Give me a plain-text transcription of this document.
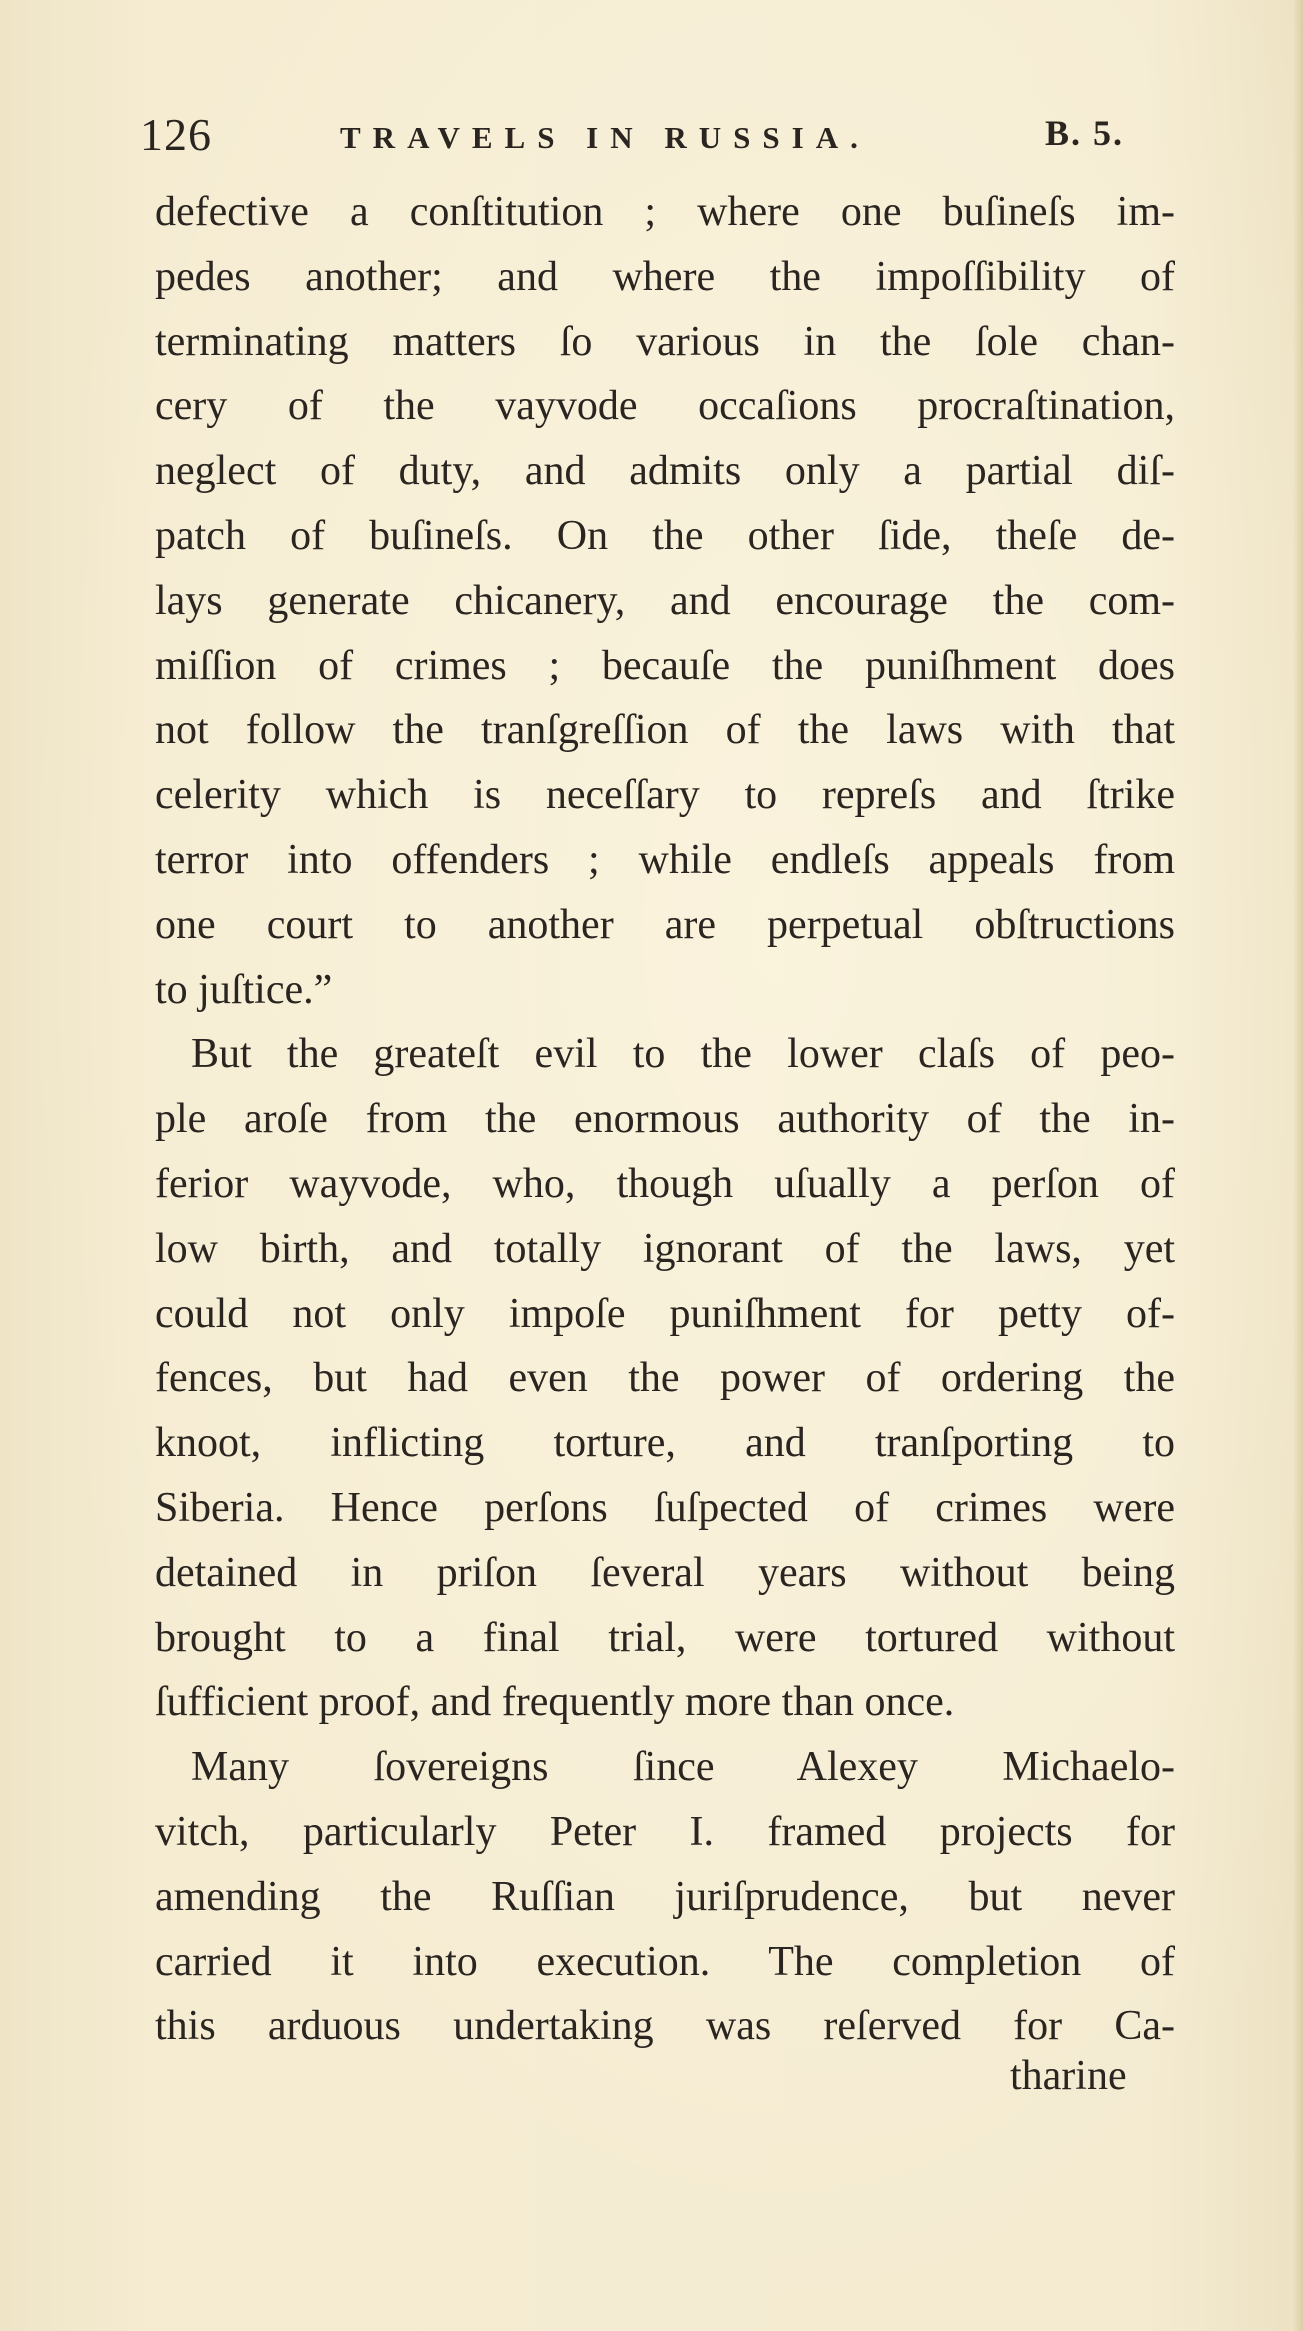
126	TRAVELS IN RUSSIA.	B. 5.
defective a conſtitution ; where one buſineſs im-
pedes another; and where the impoſſibility of
terminating matters ſo various in the ſole chan-
cery of the vayvode occaſions procraſtination,
neglect of duty, and admits only a partial diſ-
patch of buſineſs. On the other ſide, theſe de-
lays generate chicanery, and encourage the com-
miſſion of crimes ; becauſe the puniſhment does
not follow the tranſgreſſion of the laws with that
celerity which is neceſſary to repreſs and ſtrike
terror into offenders ; while endleſs appeals from
one court to another are perpetual obſtructions
to juſtice.”
But the greateſt evil to the lower claſs of peo-
ple aroſe from the enormous authority of the in-
ferior wayvode, who, though uſually a perſon of
low birth, and totally ignorant of the laws, yet
could not only impoſe puniſhment for petty of-
fences, but had even the power of ordering the
knoot, inflicting torture, and tranſporting to
Siberia. Hence perſons ſuſpected of crimes were
detained in priſon ſeveral years without being
brought to a final trial, were tortured without
ſufficient proof, and frequently more than once.
Many ſovereigns ſince Alexey Michaelo-
vitch, particularly Peter I. framed projects for
amending the Ruſſian juriſprudence, but never
carried it into execution. The completion of
this arduous undertaking was reſerved for Ca-
tharine
